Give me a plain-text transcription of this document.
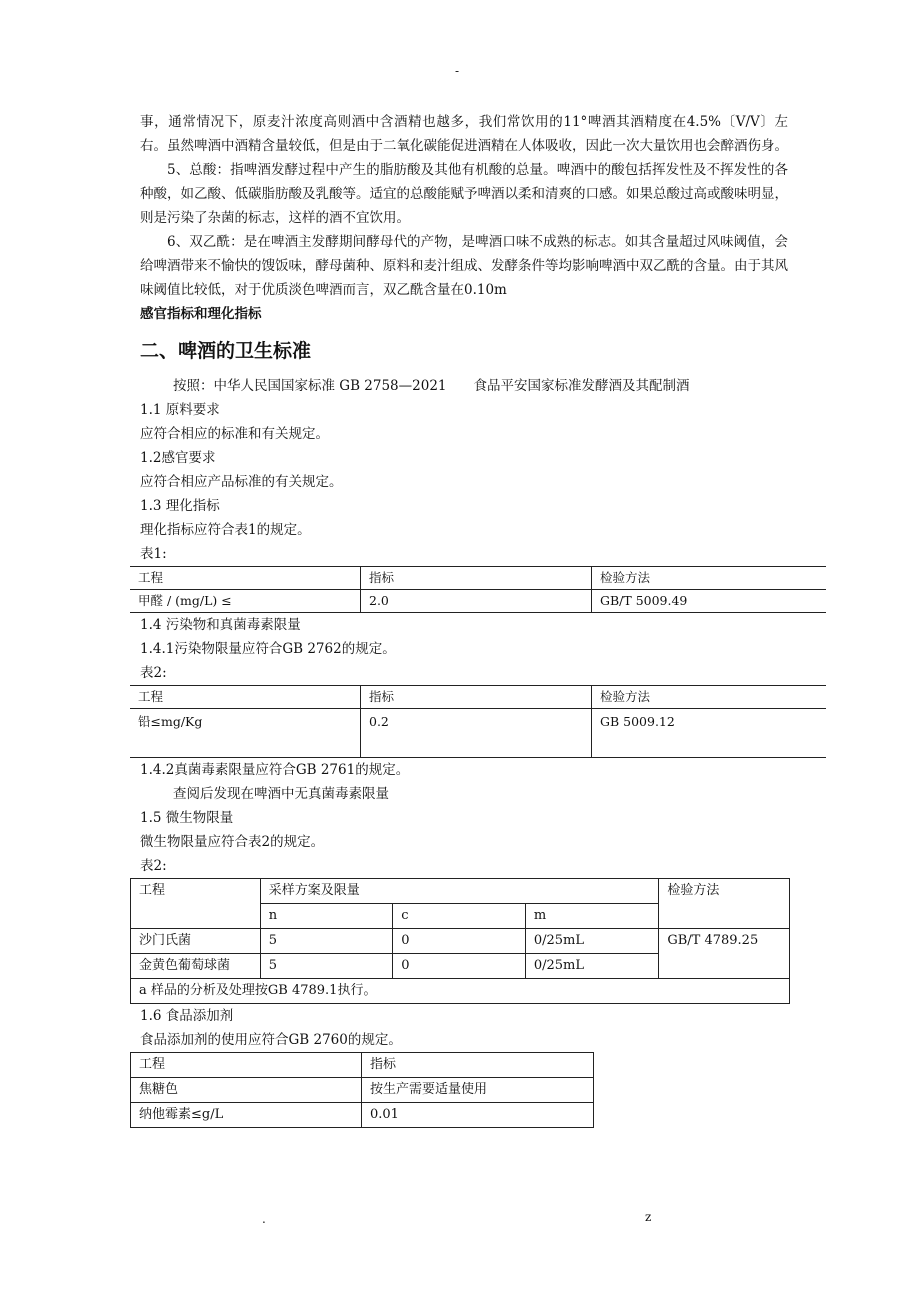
-

事，通常情况下，原麦汁浓度高则酒中含酒精也越多，我们常饮用的11°啤酒其酒精度在4.5%〔V/V〕左右。虽然啤酒中酒精含量较低，但是由于二氧化碳能促进酒精在人体吸收，因此一次大量饮用也会醉酒伤身。

5、总酸：指啤酒发酵过程中产生的脂肪酸及其他有机酸的总量。啤酒中的酸包括挥发性及不挥发性的各种酸，如乙酸、低碳脂肪酸及乳酸等。适宜的总酸能赋予啤酒以柔和清爽的口感。如果总酸过高或酸味明显，则是污染了杂菌的标志，这样的酒不宜饮用。

6、双乙酰：是在啤酒主发酵期间酵母代的产物，是啤酒口味不成熟的标志。如其含量超过风味阈值，会给啤酒带来不愉快的馊饭味，酵母菌种、原料和麦汁组成、发酵条件等均影响啤酒中双乙酰的含量。由于其风味阈值比较低，对于优质淡色啤酒而言，双乙酰含量在0.10m

感官指标和理化指标

二、啤酒的卫生标准

按照：中华人民国国家标准 GB 2758—2021　　食品平安国家标准发酵酒及其配制酒

1.1 原料要求

应符合相应的标准和有关规定。

1.2感官要求

应符合相应产品标准的有关规定。

1.3 理化指标

理化指标应符合表1的规定。

表1:

工程	指标	检验方法
甲醛 / (mg/L) ≤	2.0	GB/T 5009.49

1.4 污染物和真菌毒素限量

1.4.1污染物限量应符合GB 2762的规定。

表2:

工程	指标	检验方法
铅≤mg/Kg	0.2	GB 5009.12

1.4.2真菌毒素限量应符合GB 2761的规定。

查阅后发现在啤酒中无真菌毒素限量

1.5 微生物限量

微生物限量应符合表2的规定。

表2:

工程	采样方案及限量			检验方法
	n	c	m	
沙门氏菌	5	0	0/25mL	GB/T 4789.25
金黄色葡萄球菌	5	0	0/25mL	
a 样品的分析及处理按GB 4789.1执行。				

1.6 食品添加剂

食品添加剂的使用应符合GB 2760的规定。

工程	指标
焦糖色	按生产需要适量使用
纳他霉素≤g/L	0.01
.	z
